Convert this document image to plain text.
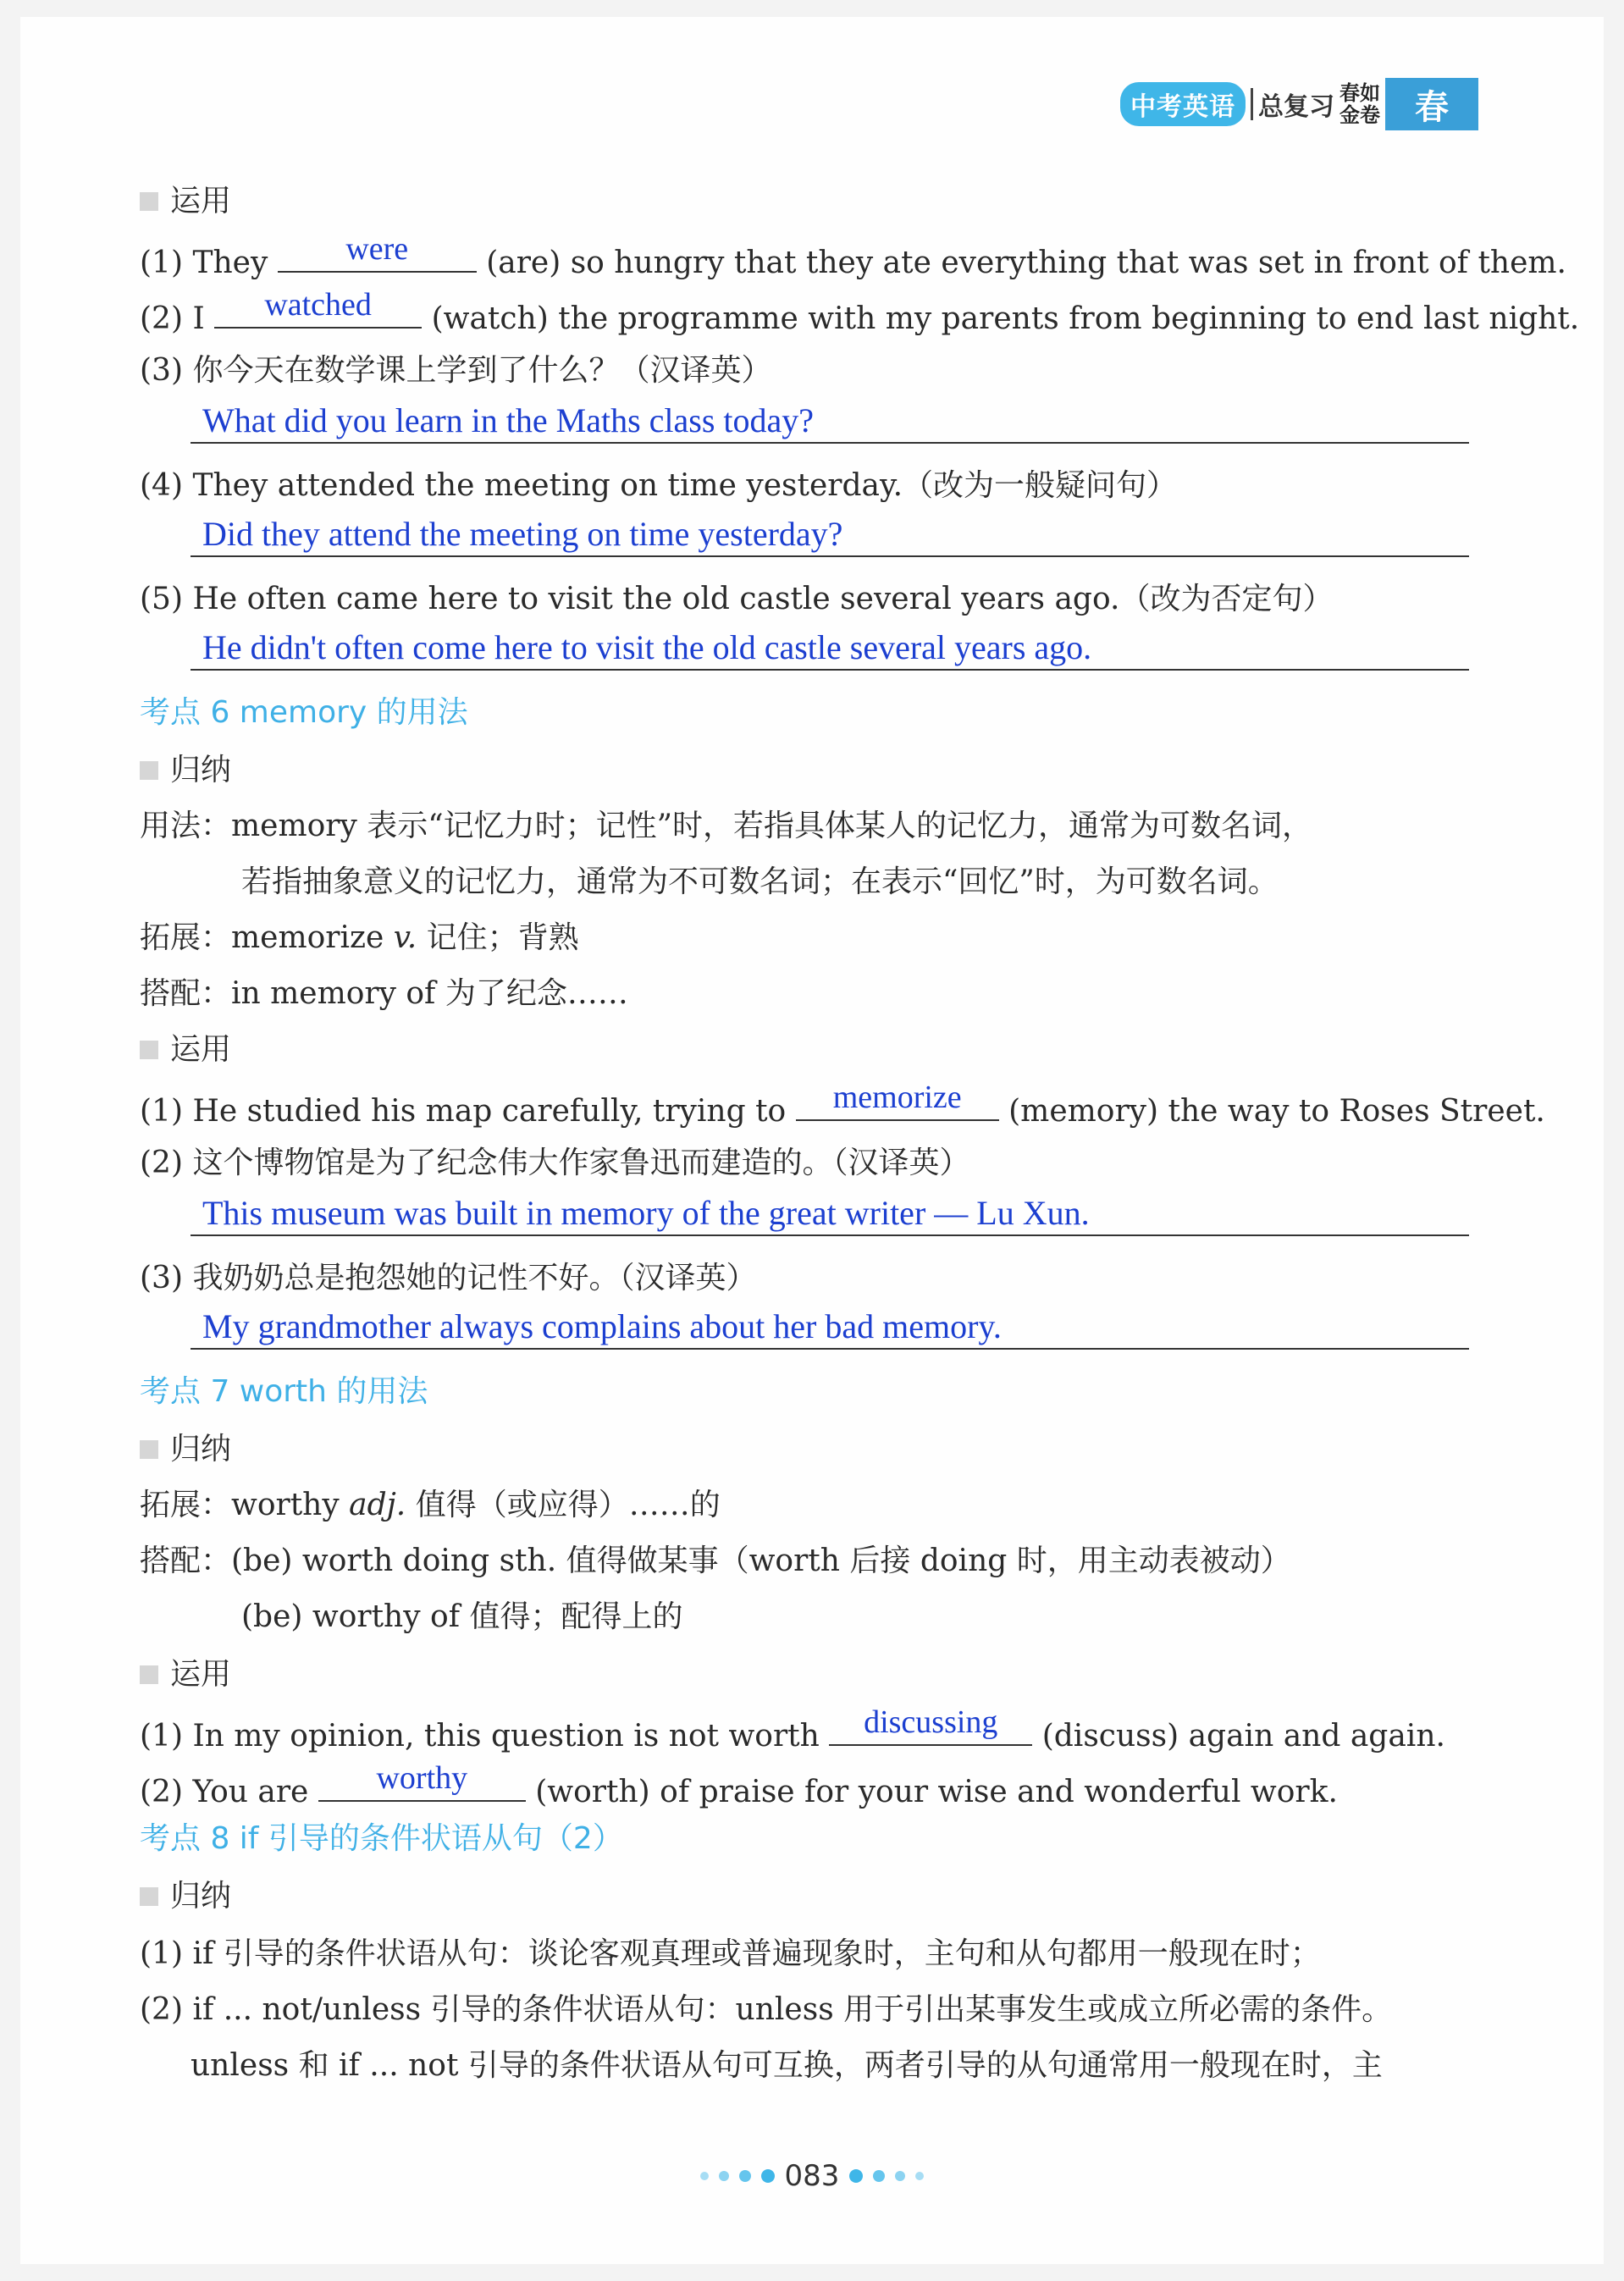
中考英语 总复习 春如
金卷	春
运用
(1) They	were	(are) so hungry that they ate everything that was set in front of them.
(2) I	watched	(watch) the programme with my parents from beginning to end last night.
(3) 你今天在数学课上学到了什么？（汉译英）
What did you learn in the Maths class today?
(4) They attended the meeting on time yesterday.（改为一般疑问句）
Did they attend the meeting on time yesterday?
(5) He often came here to visit the old castle several years ago.（改为否定句）
He didn't often come here to visit the old castle several years ago.
考点 6 memory 的用法
归纳
用法：memory 表示“记忆力时；记性”时，若指具体某人的记忆力，通常为可数名词，
若指抽象意义的记忆力，通常为不可数名词；在表示“回忆”时，为可数名词。
拓展：memorize v. 记住；背熟
搭配：in memory of 为了纪念……
运用
(1) He studied his map carefully, trying to	memorize	(memory) the way to Roses Street.
(2) 这个博物馆是为了纪念伟大作家鲁迅而建造的。（汉译英）
This museum was built in memory of the great writer — Lu Xun.
(3) 我奶奶总是抱怨她的记性不好。（汉译英）
My grandmother always complains about her bad memory.
考点 7 worth 的用法
归纳
拓展：worthy adj. 值得（或应得）……的
搭配：(be) worth doing sth. 值得做某事（worth 后接 doing 时，用主动表被动）
(be) worthy of 值得；配得上的
运用
(1) In my opinion, this question is not worth	discussing	(discuss) again and again.
(2) You are	worthy	(worth) of praise for your wise and wonderful work.
考点 8 if 引导的条件状语从句（2）
归纳
(1) if 引导的条件状语从句：谈论客观真理或普遍现象时，主句和从句都用一般现在时；
(2) if ... not/unless 引导的条件状语从句：unless 用于引出某事发生或成立所必需的条件。
unless 和 if ... not 引导的条件状语从句可互换，两者引导的从句通常用一般现在时，主
083
